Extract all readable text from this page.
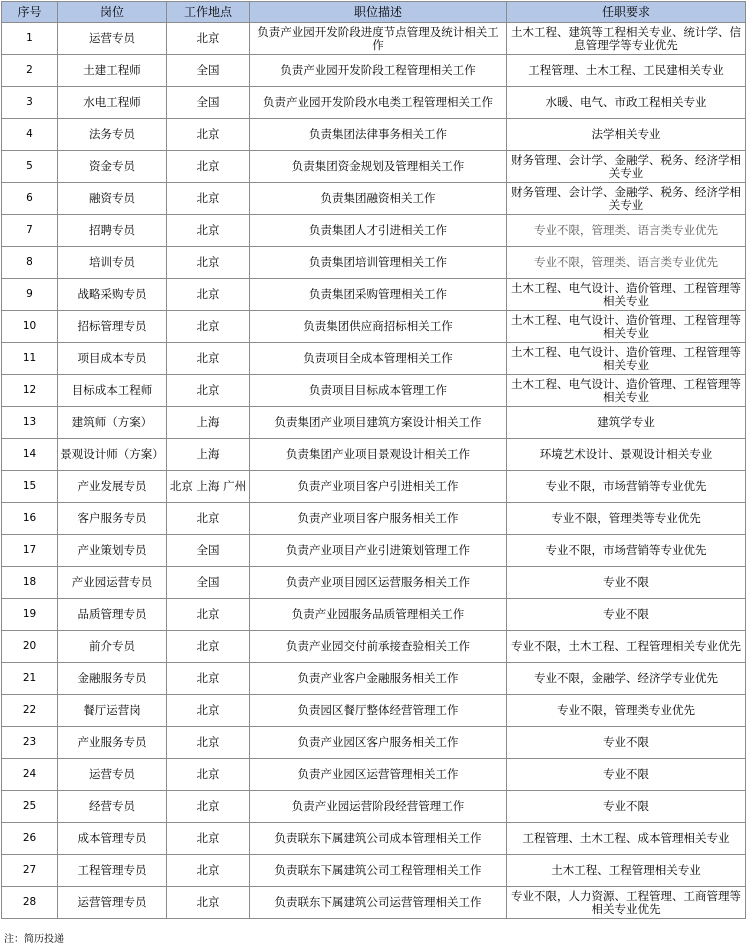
序号	岗位	工作地点	职位描述	任职要求
1	运营专员	北京	负责产业园开发阶段进度节点管理及统计相关工作	土木工程、建筑等工程相关专业、统计学、信息管理学等专业优先
2	土建工程师	全国	负责产业园开发阶段工程管理相关工作	工程管理、土木工程、工民建相关专业
3	水电工程师	全国	负责产业园开发阶段水电类工程管理相关工作	水暖、电气、市政工程相关专业
4	法务专员	北京	负责集团法律事务相关工作	法学相关专业
5	资金专员	北京	负责集团资金规划及管理相关工作	财务管理、会计学、金融学、税务、经济学相关专业
6	融资专员	北京	负责集团融资相关工作	财务管理、会计学、金融学、税务、经济学相关专业
7	招聘专员	北京	负责集团人才引进相关工作	专业不限，管理类、语言类专业优先
8	培训专员	北京	负责集团培训管理相关工作	专业不限，管理类、语言类专业优先
9	战略采购专员	北京	负责集团采购管理相关工作	土木工程、电气设计、造价管理、工程管理等相关专业
10	招标管理专员	北京	负责集团供应商招标相关工作	土木工程、电气设计、造价管理、工程管理等相关专业
11	项目成本专员	北京	负责项目全成本管理相关工作	土木工程、电气设计、造价管理、工程管理等相关专业
12	目标成本工程师	北京	负责项目目标成本管理工作	土木工程、电气设计、造价管理、工程管理等相关专业
13	建筑师（方案）	上海	负责集团产业项目建筑方案设计相关工作	建筑学专业
14	景观设计师（方案）	上海	负责集团产业项目景观设计相关工作	环境艺术设计、景观设计相关专业
15	产业发展专员	北京 上海 广州	负责产业项目客户引进相关工作	专业不限，市场营销等专业优先
16	客户服务专员	北京	负责产业项目客户服务相关工作	专业不限，管理类等专业优先
17	产业策划专员	全国	负责产业项目产业引进策划管理工作	专业不限，市场营销等专业优先
18	产业园运营专员	全国	负责产业项目园区运营服务相关工作	专业不限
19	品质管理专员	北京	负责产业园服务品质管理相关工作	专业不限
20	前介专员	北京	负责产业园交付前承接查验相关工作	专业不限，土木工程、工程管理相关专业优先
21	金融服务专员	北京	负责产业客户金融服务相关工作	专业不限，金融学、经济学专业优先
22	餐厅运营岗	北京	负责园区餐厅整体经营管理工作	专业不限，管理类专业优先
23	产业服务专员	北京	负责产业园区客户服务相关工作	专业不限
24	运营专员	北京	负责产业园区运营管理相关工作	专业不限
25	经营专员	北京	负责产业园运营阶段经营管理工作	专业不限
26	成本管理专员	北京	负责联东下属建筑公司成本管理相关工作	工程管理、土木工程、成本管理相关专业
27	工程管理专员	北京	负责联东下属建筑公司工程管理相关工作	土木工程、工程管理相关专业
28	运营管理专员	北京	负责联东下属建筑公司运营管理相关工作	专业不限，人力资源、工程管理、工商管理等相关专业优先
注：简历投递
